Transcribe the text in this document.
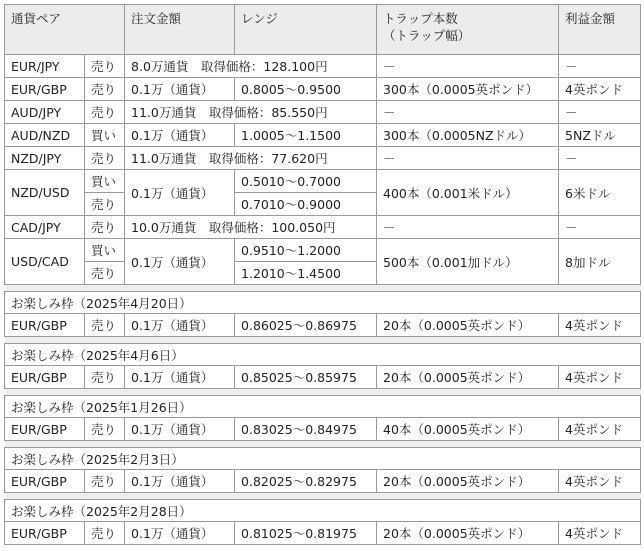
通貨ペア		注文金額	レンジ	トラップ本数
（トラップ幅）	利益金額
EUR/JPY	売り	8.0万通貨　取得価格：128.100円		－	－
EUR/GBP	売り	0.1万（通貨）	0.8005～0.9500	300本（0.0005英ポンド）	4英ポンド
AUD/JPY	売り	11.0万通貨　取得価格：85.550円		－	－
AUD/NZD	買い	0.1万（通貨）	1.0005～1.1500	300本（0.0005NZドル）	5NZドル
NZD/JPY	売り	11.0万通貨　取得価格：77.620円		－	－
NZD/USD	買い	0.1万（通貨）	0.5010～0.7000	400本（0.001米ドル）	6米ドル
	売り		0.7010～0.9000		
CAD/JPY	売り	10.0万通貨　取得価格：100.050円		－	－
USD/CAD	買い	0.1万（通貨）	0.9510～1.2000	500本（0.001加ドル）	8加ドル
	売り		1.2010～1.4500		

お楽しみ枠（2025年4月20日）					
EUR/GBP	売り	0.1万（通貨）	0.86025～0.86975	20本（0.0005英ポンド）	4英ポンド

お楽しみ枠（2025年4月6日）					
EUR/GBP	売り	0.1万（通貨）	0.85025～0.85975	20本（0.0005英ポンド）	4英ポンド

お楽しみ枠（2025年1月26日）					
EUR/GBP	売り	0.1万（通貨）	0.83025～0.84975	40本（0.0005英ポンド）	4英ポンド

お楽しみ枠（2025年2月3日）					
EUR/GBP	売り	0.1万（通貨）	0.82025～0.82975	20本（0.0005英ポンド）	4英ポンド

お楽しみ枠（2025年2月28日）					
EUR/GBP	売り	0.1万（通貨）	0.81025～0.81975	20本（0.0005英ポンド）	4英ポンド
